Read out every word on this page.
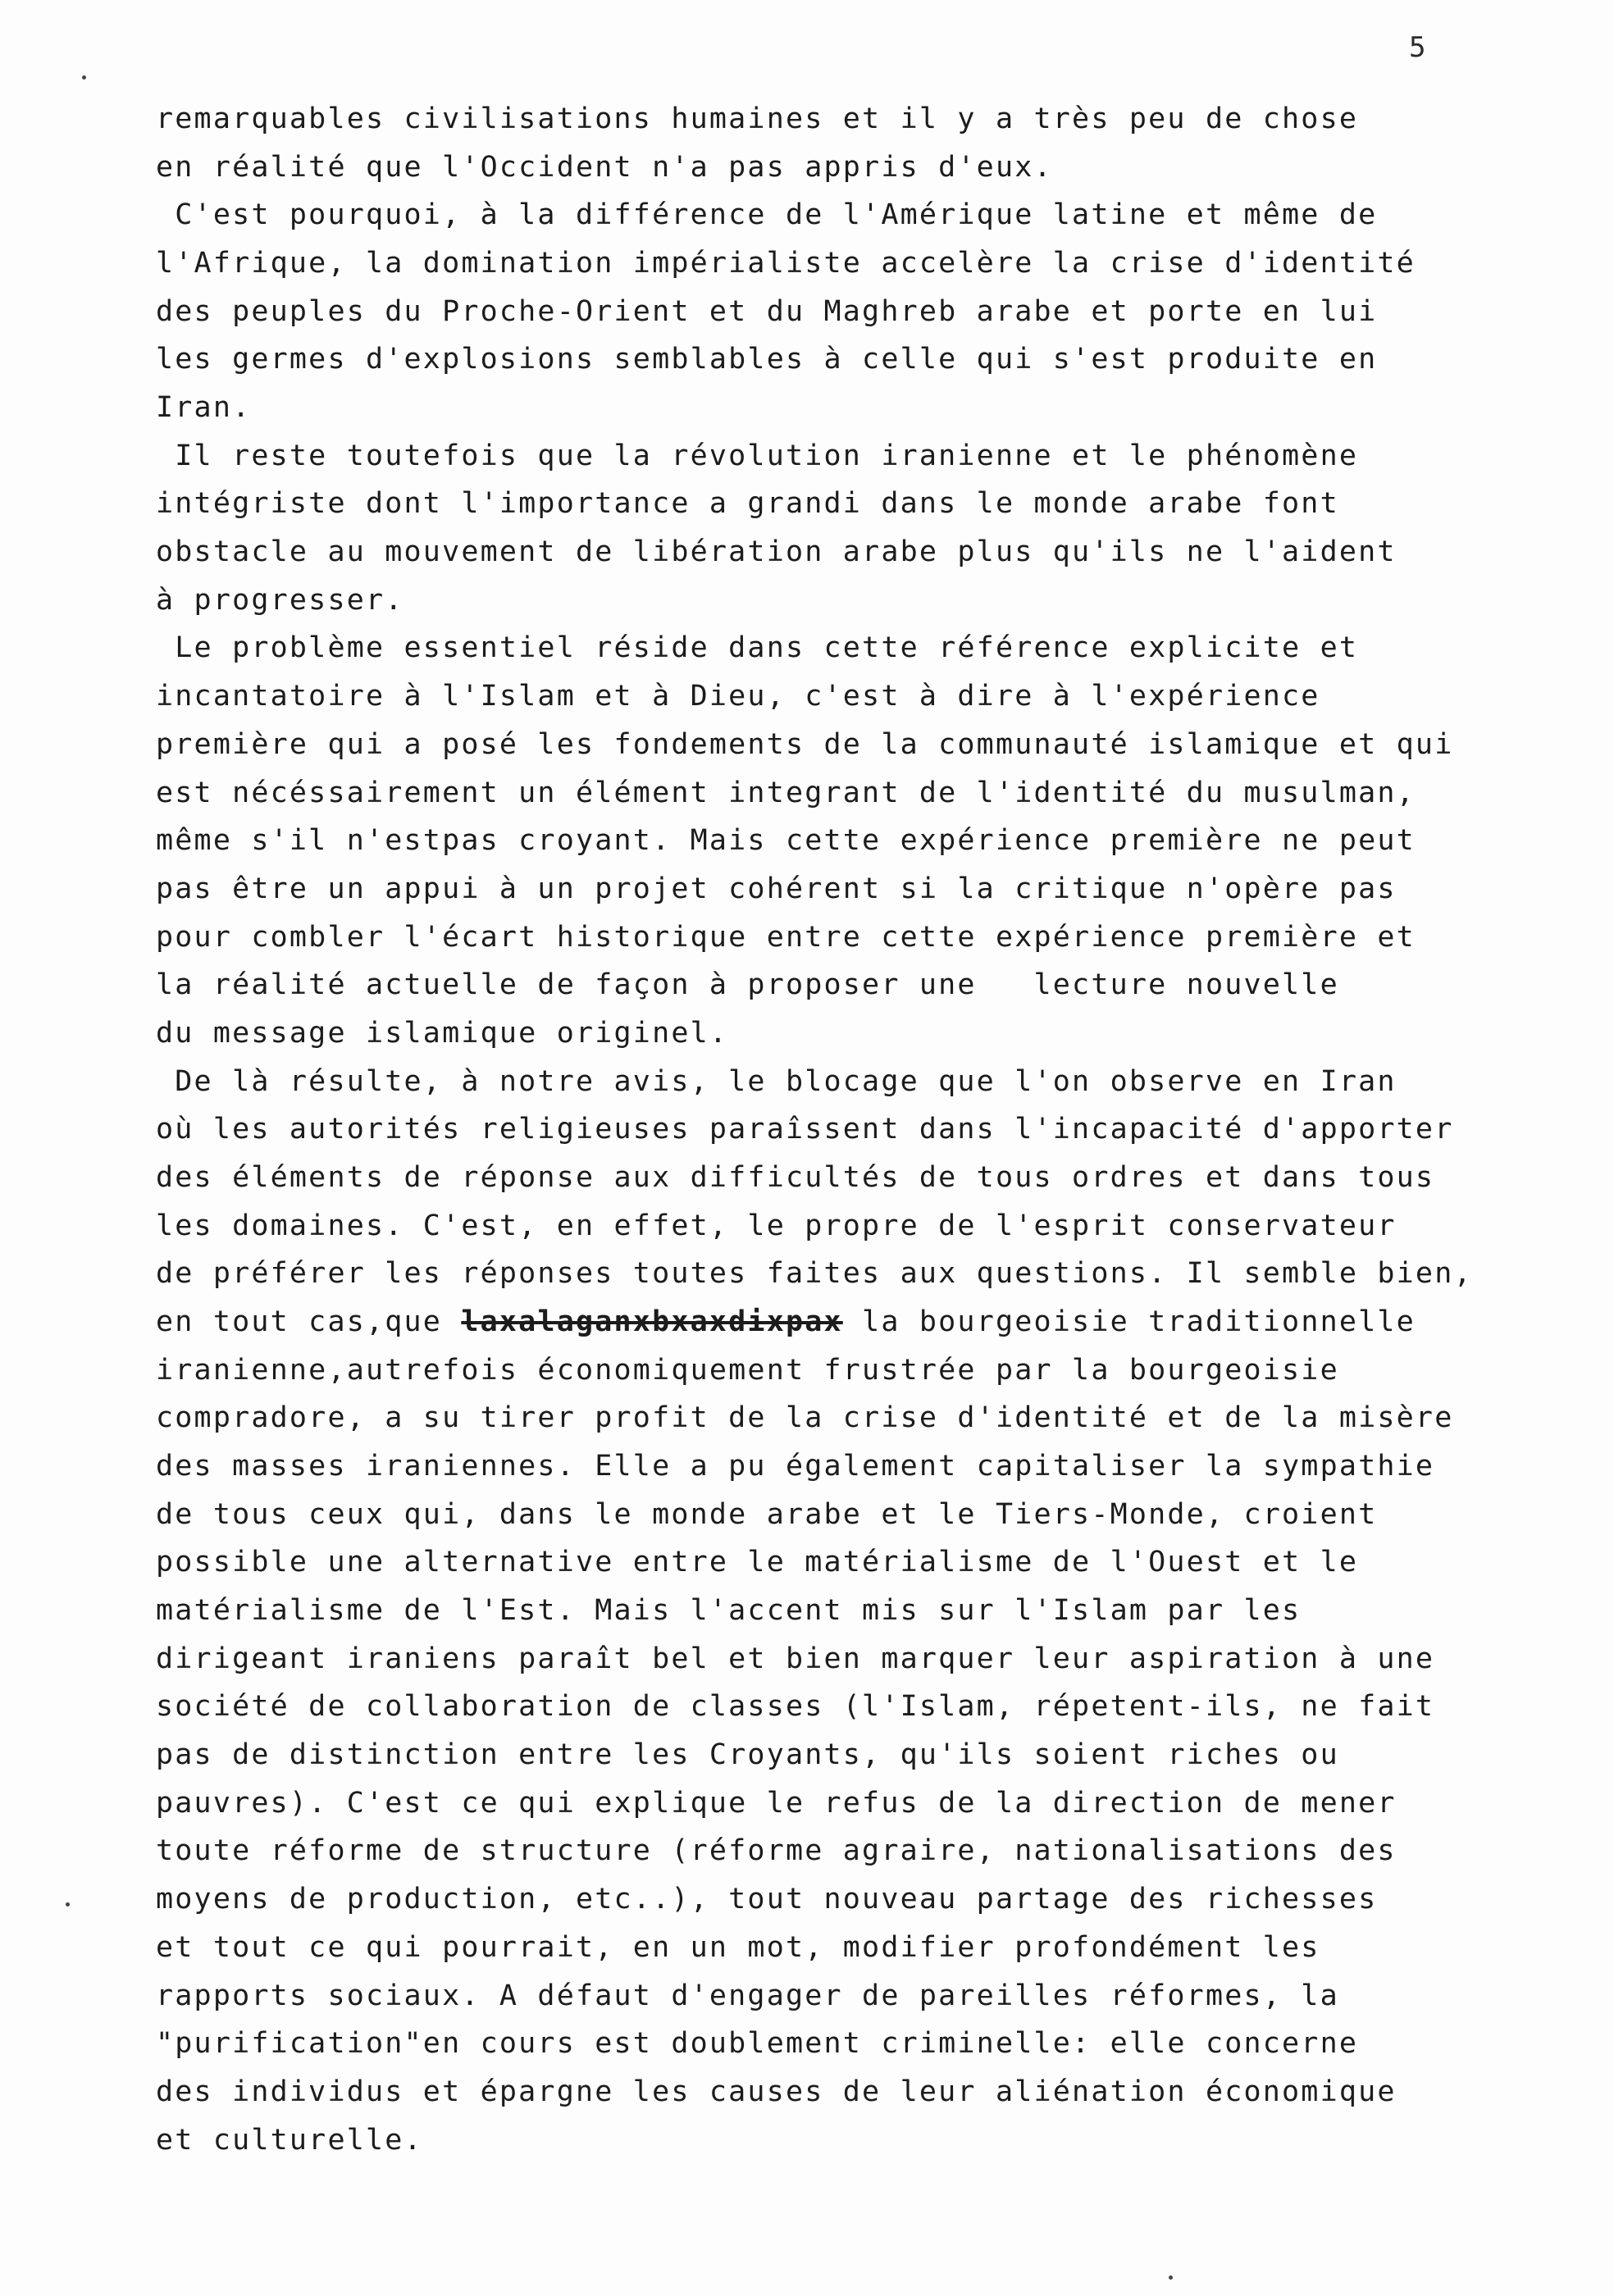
5
remarquables civilisations humaines et il y a très peu de chose
en réalité que l'Occident n'a pas appris d'eux.
C'est pourquoi, à la différence de l'Amérique latine et même de
l'Afrique, la domination impérialiste accelère la crise d'identité
des peuples du Proche-Orient et du Maghreb arabe et porte en lui
les germes d'explosions semblables à celle qui s'est produite en
Iran.
Il reste toutefois que la révolution iranienne et le phénomène
intégriste dont l'importance a grandi dans le monde arabe font
obstacle au mouvement de libération arabe plus qu'ils ne l'aident
à progresser.
Le problème essentiel réside dans cette référence explicite et
incantatoire à l'Islam et à Dieu, c'est à dire à l'expérience
première qui a posé les fondements de la communauté islamique et qui
est nécéssairement un élément integrant de l'identité du musulman,
même s'il n'estpas croyant. Mais cette expérience première ne peut
pas être un appui à un projet cohérent si la critique n'opère pas
pour combler l'écart historique entre cette expérience première et
la réalité actuelle de façon à proposer une   lecture nouvelle
du message islamique originel.
De là résulte, à notre avis, le blocage que l'on observe en Iran
où les autorités religieuses paraîssent dans l'incapacité d'apporter
des éléments de réponse aux difficultés de tous ordres et dans tous
les domaines. C'est, en effet, le propre de l'esprit conservateur
de préférer les réponses toutes faites aux questions. Il semble bien,
en tout cas,que laxalaganxbxaxdixpax la bourgeoisie traditionnelle
iranienne,autrefois économiquement frustrée par la bourgeoisie
compradore, a su tirer profit de la crise d'identité et de la misère
des masses iraniennes. Elle a pu également capitaliser la sympathie
de tous ceux qui, dans le monde arabe et le Tiers-Monde, croient
possible une alternative entre le matérialisme de l'Ouest et le
matérialisme de l'Est. Mais l'accent mis sur l'Islam par les
dirigeant iraniens paraît bel et bien marquer leur aspiration à une
société de collaboration de classes (l'Islam, répetent-ils, ne fait
pas de distinction entre les Croyants, qu'ils soient riches ou
pauvres). C'est ce qui explique le refus de la direction de mener
toute réforme de structure (réforme agraire, nationalisations des
moyens de production, etc..), tout nouveau partage des richesses
et tout ce qui pourrait, en un mot, modifier profondément les
rapports sociaux. A défaut d'engager de pareilles réformes, la
"purification"en cours est doublement criminelle: elle concerne
des individus et épargne les causes de leur aliénation économique
et culturelle.
